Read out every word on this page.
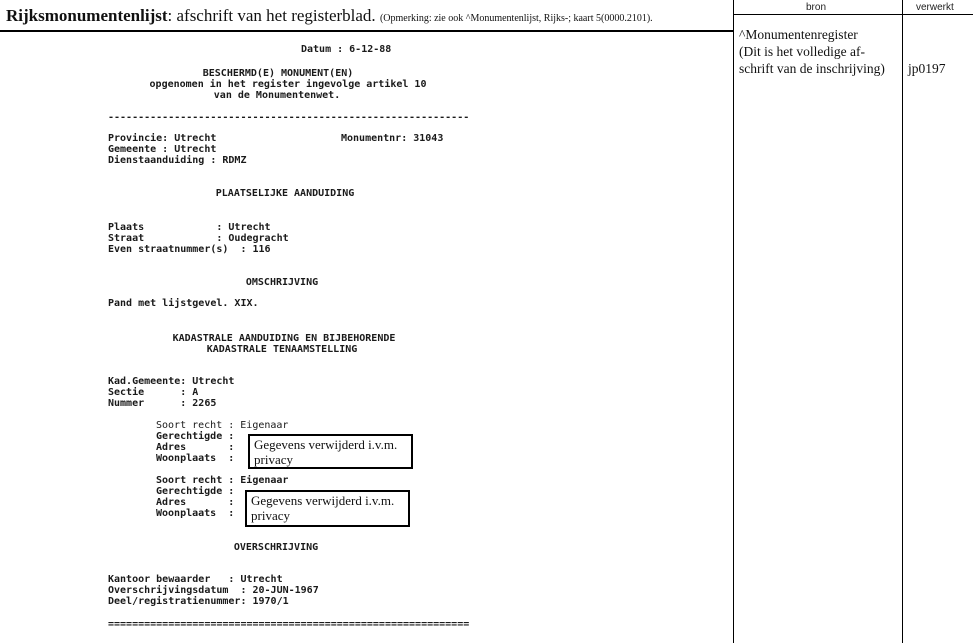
Rijksmonumentenlijst: afschrift van het registerblad. (Opmerking: zie ook ^Monumentenlijst, Rijks-; kaart 5(0000.2101).
bron	verwerkt
^Monumentenregister
(Dit is het volledige af-
schrift van de inschrijving) jp0197
Datum : 6-12-88
BESCHERMD(E) MONUMENT(EN)
opgenomen in het register ingevolge artikel 10
van de Monumentenwet.
------------------------------------------------------------
Provincie: Utrecht	Monumentnr: 31043
Gemeente : Utrecht
Dienstaanduiding : RDMZ
PLAATSELIJKE AANDUIDING
Plaats            : Utrecht
Straat            : Oudegracht
Even straatnummer(s)  : 116
OMSCHRIJVING
Pand met lijstgevel. XIX.
KADASTRALE AANDUIDING EN BIJBEHORENDE
KADASTRALE TENAAMSTELLING
Kad.Gemeente: Utrecht
Sectie      : A
Nummer      : 2265
Soort recht : Eigenaar
Gerechtigde :
Adres       :
Woonplaats  :
Gegevens verwijderd i.v.m. privacy
Soort recht : Eigenaar
Gerechtigde :
Adres       :
Woonplaats  :
Gegevens verwijderd i.v.m. privacy
OVERSCHRIJVING
Kantoor bewaarder   : Utrecht
Overschrijvingsdatum  : 20-JUN-1967
Deel/registratienummer: 1970/1
============================================================
